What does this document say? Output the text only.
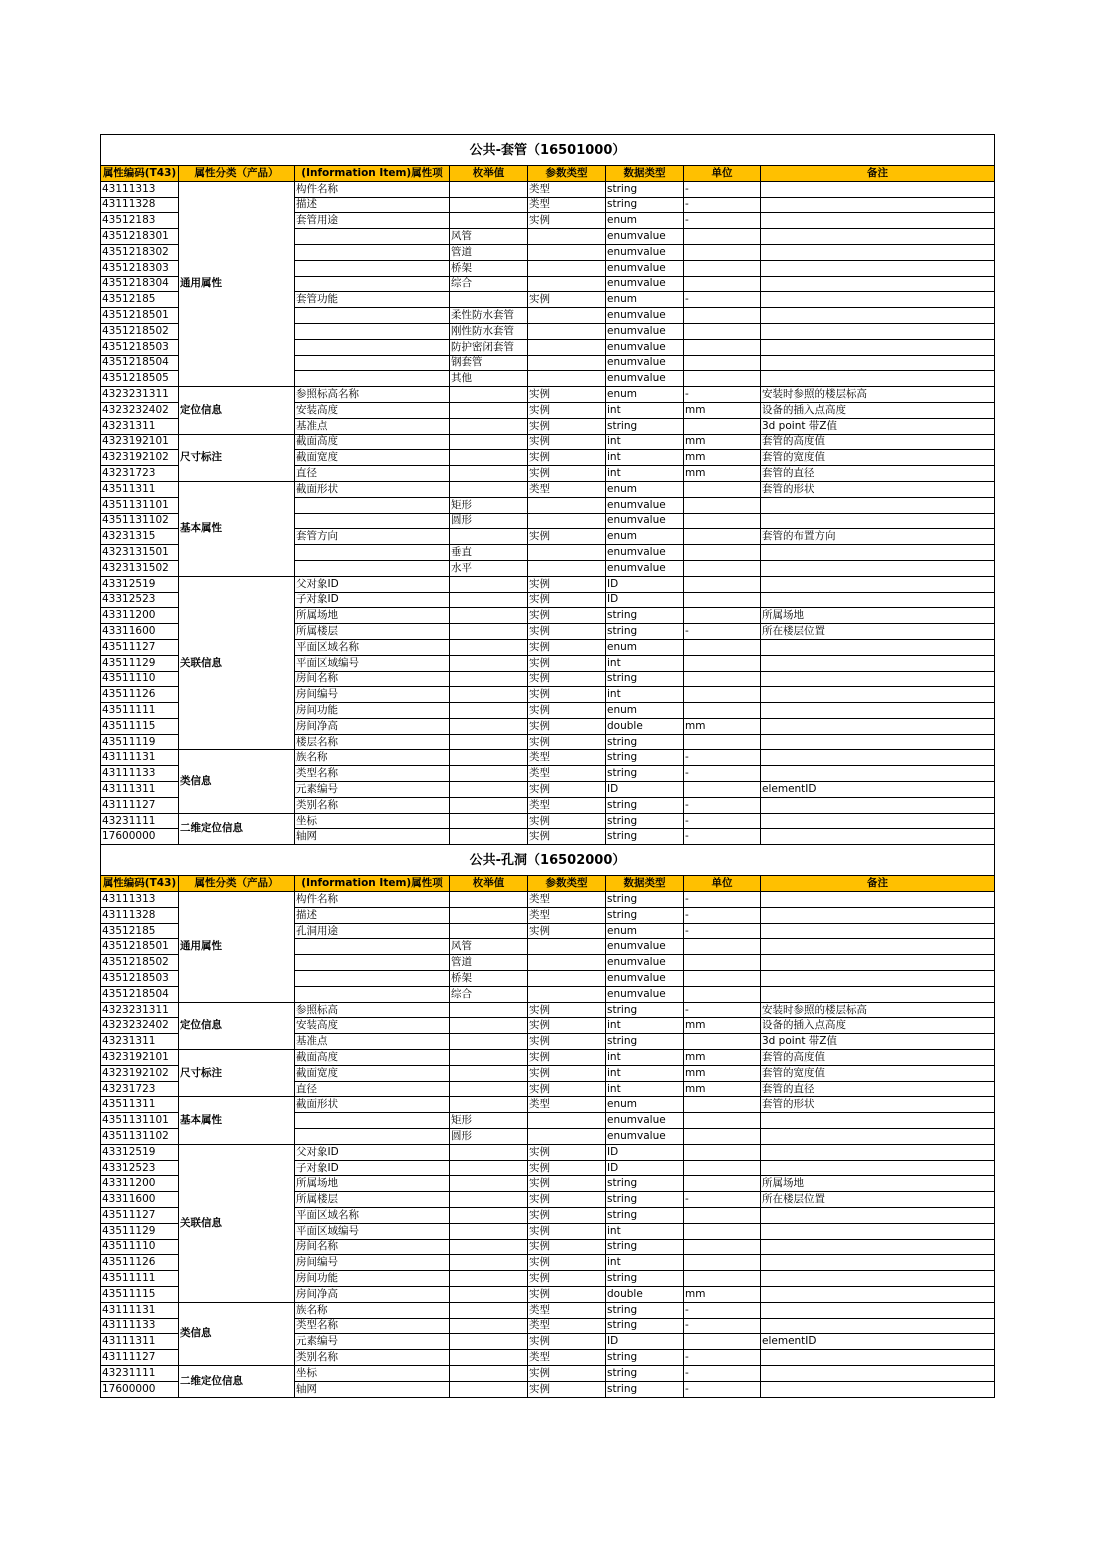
公共-套管（16501000）							
属性编码(T43)	属性分类（产品）	(Information Item)属性项	枚举值	参数类型	数据类型	单位	备注
43111313	通用属性	构件名称		类型	string	-	
43111328		描述		类型	string	-	
43512183		套管用途		实例	enum	-	
4351218301			风管		enumvalue		
4351218302			管道		enumvalue		
4351218303			桥架		enumvalue		
4351218304			综合		enumvalue		
43512185		套管功能		实例	enum	-	
4351218501			柔性防水套管		enumvalue		
4351218502			刚性防水套管		enumvalue		
4351218503			防护密闭套管		enumvalue		
4351218504			钢套管		enumvalue		
4351218505			其他		enumvalue		
4323231311	定位信息	参照标高名称		实例	enum	-	安装时参照的楼层标高
4323232402		安装高度		实例	int	mm	设备的插入点高度
43231311		基准点		实例	string		3d point 带Z值
4323192101	尺寸标注	截面高度		实例	int	mm	套管的高度值
4323192102		截面宽度		实例	int	mm	套管的宽度值
43231723		直径		实例	int	mm	套管的直径
43511311	基本属性	截面形状		类型	enum		套管的形状
4351131101			矩形		enumvalue		
4351131102			圆形		enumvalue		
43231315		套管方向		实例	enum		套管的布置方向
4323131501			垂直		enumvalue		
4323131502			水平		enumvalue		
43312519	关联信息	父对象ID		实例	ID		
43312523		子对象ID		实例	ID		
43311200		所属场地		实例	string		所属场地
43311600		所属楼层		实例	string	-	所在楼层位置
43511127		平面区域名称		实例	enum		
43511129		平面区域编号		实例	int		
43511110		房间名称		实例	string		
43511126		房间编号		实例	int		
43511111		房间功能		实例	enum		
43511115		房间净高		实例	double	mm	
43511119		楼层名称		实例	string		
43111131	类信息	族名称		类型	string	-	
43111133		类型名称		类型	string	-	
43111311		元素编号		实例	ID		elementID
43111127		类别名称		类型	string	-	
43231111	二维定位信息	坐标		实例	string	-	
17600000		轴网		实例	string	-	
公共-孔洞（16502000）							
属性编码(T43)	属性分类（产品）	(Information Item)属性项	枚举值	参数类型	数据类型	单位	备注
43111313	通用属性	构件名称		类型	string	-	
43111328		描述		类型	string	-	
43512185		孔洞用途		实例	enum	-	
4351218501			风管		enumvalue		
4351218502			管道		enumvalue		
4351218503			桥架		enumvalue		
4351218504			综合		enumvalue		
4323231311	定位信息	参照标高		实例	string	-	安装时参照的楼层标高
4323232402		安装高度		实例	int	mm	设备的插入点高度
43231311		基准点		实例	string		3d point 带Z值
4323192101	尺寸标注	截面高度		实例	int	mm	套管的高度值
4323192102		截面宽度		实例	int	mm	套管的宽度值
43231723		直径		实例	int	mm	套管的直径
43511311	基本属性	截面形状		类型	enum		套管的形状
4351131101			矩形		enumvalue		
4351131102			圆形		enumvalue		
43312519	关联信息	父对象ID		实例	ID		
43312523		子对象ID		实例	ID		
43311200		所属场地		实例	string		所属场地
43311600		所属楼层		实例	string	-	所在楼层位置
43511127		平面区域名称		实例	string		
43511129		平面区域编号		实例	int		
43511110		房间名称		实例	string		
43511126		房间编号		实例	int		
43511111		房间功能		实例	string		
43511115		房间净高		实例	double	mm	
43111131	类信息	族名称		类型	string	-	
43111133		类型名称		类型	string	-	
43111311		元素编号		实例	ID		elementID
43111127		类别名称		类型	string	-	
43231111	二维定位信息	坐标		实例	string	-	
17600000		轴网		实例	string	-	
